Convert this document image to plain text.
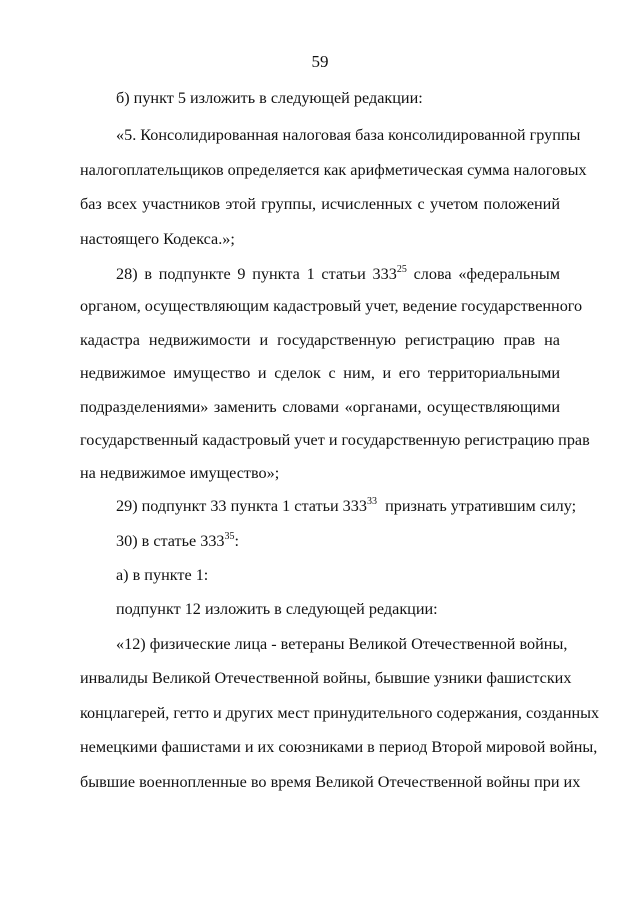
59
б) пункт 5 изложить в следующей редакции:
«5. Консолидированная налоговая база консолидированной группы
налогоплательщиков определяется как арифметическая сумма налоговых
баз всех участников этой группы, исчисленных с учетом положений
настоящего Кодекса.»;
28) в подпункте 9 пункта 1 статьи $333^{25}$ слова «федеральным
органом, осуществляющим кадастровый учет, ведение государственного
кадастра недвижимости и государственную регистрацию прав на
недвижимое имущество и сделок с ним, и его территориальными
подразделениями» заменить словами «органами, осуществляющими
государственный кадастровый учет и государственную регистрацию прав
на недвижимое имущество»;
29) подпункт 33 пункта 1 статьи $333^{33}$  признать утратившим силу;
30) в статье $333^{35}$:
а) в пункте 1:
подпункт 12 изложить в следующей редакции:
«12) физические лица - ветераны Великой Отечественной войны,
инвалиды Великой Отечественной войны, бывшие узники фашистских
концлагерей, гетто и других мест принудительного содержания, созданных
немецкими фашистами и их союзниками в период Второй мировой войны,
бывшие военнопленные во время Великой Отечественной войны при их
